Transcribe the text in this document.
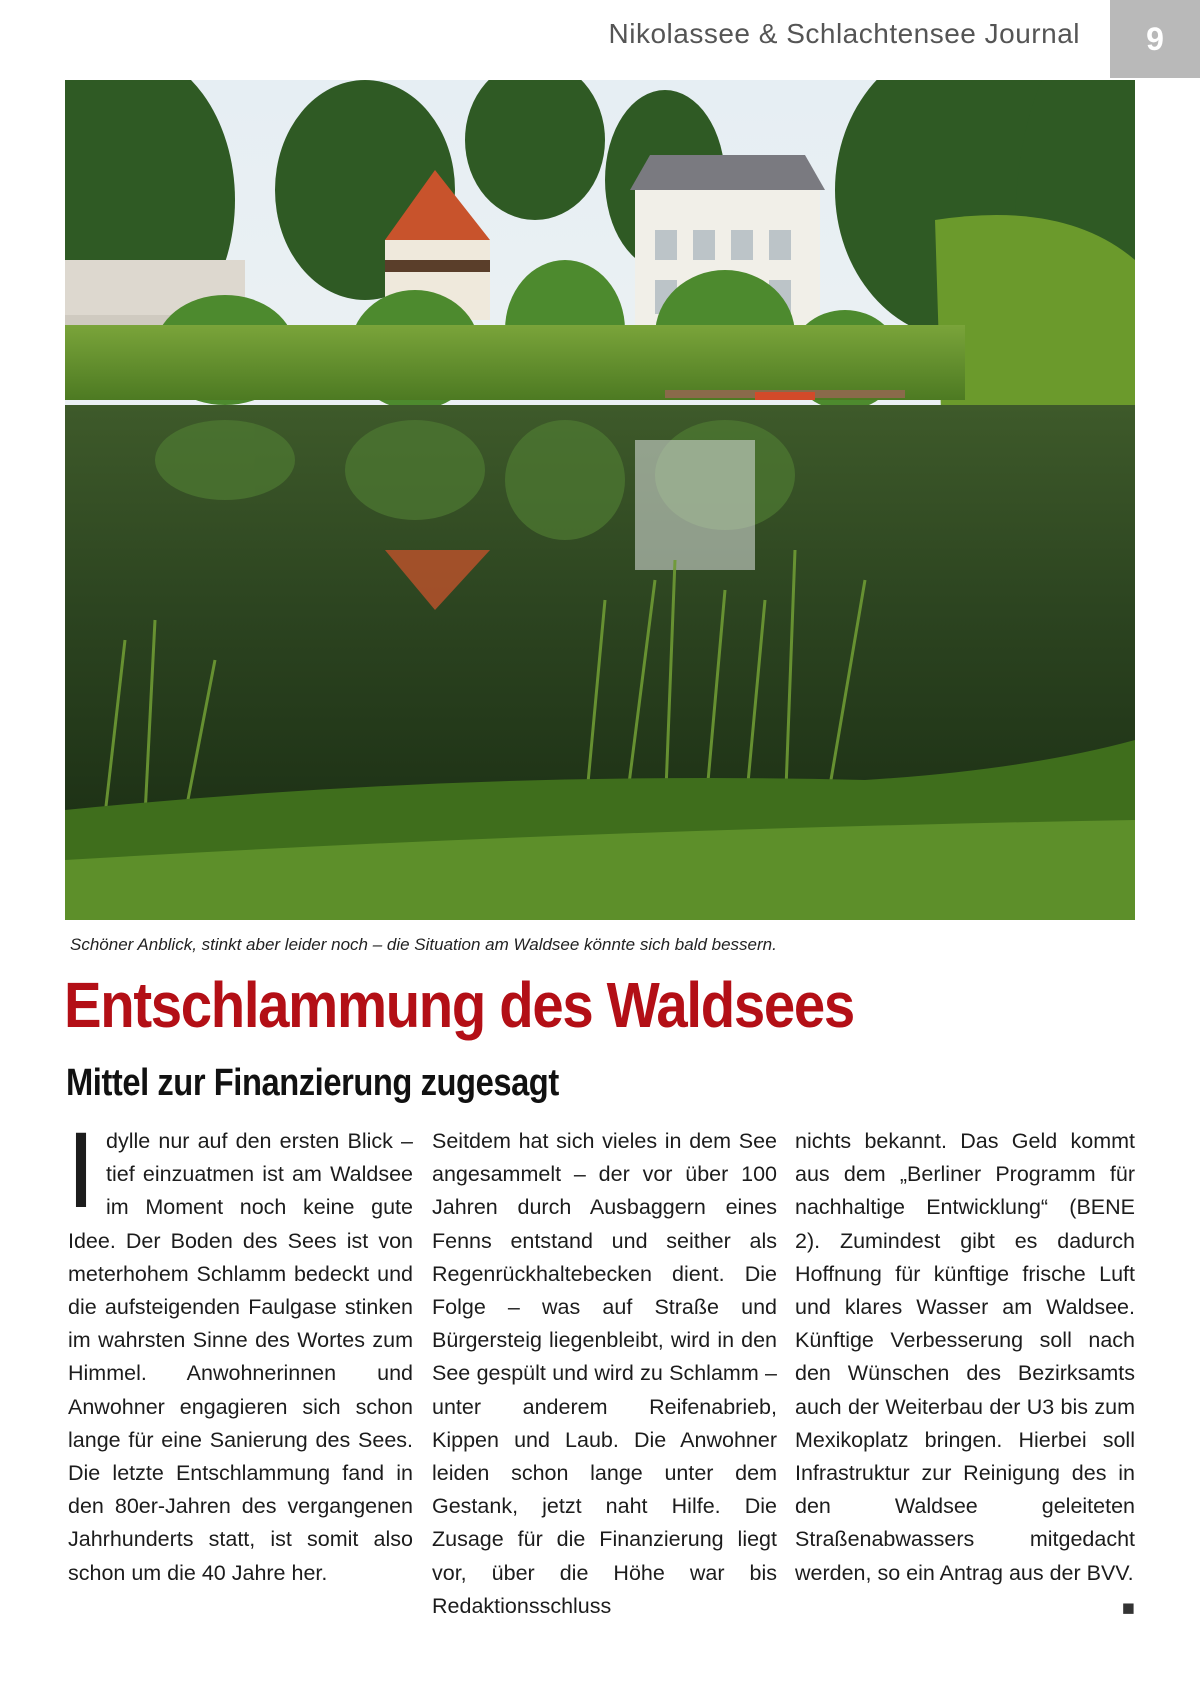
Nikolassee & Schlachtensee Journal	9
Schöner Anblick, stinkt aber leider noch – die Situation am Waldsee könnte sich bald bessern.
Entschlammung des Waldsees
Mittel zur Finanzierung zugesagt
I dylle nur auf den ersten Blick – tief einzuatmen ist am Waldsee im Moment noch keine gute Idee. Der Boden des Sees ist von meterhohem Schlamm bedeckt und die aufsteigenden Faulgase stinken im wahrsten Sinne des Wortes zum Himmel. Anwohnerinnen und Anwohner engagieren sich schon lange für eine Sanierung des Sees. Die letzte Entschlammung fand in den 80er-Jahren des vergangenen Jahrhunderts statt, ist somit also schon um die 40 Jahre her.
Seitdem hat sich vieles in dem See angesammelt – der vor über 100 Jahren durch Ausbaggern eines Fenns entstand und seither als Regenrückhaltebecken dient. Die Folge – was auf Straße und Bürgersteig liegenbleibt, wird in den See gespült und wird zu Schlamm – unter anderem Reifenabrieb, Kippen und Laub. Die Anwohner leiden schon lange unter dem Gestank, jetzt naht Hilfe. Die Zusage für die Finanzierung liegt vor, über die Höhe war bis Redaktionsschluss
nichts bekannt. Das Geld kommt aus dem „Berliner Programm für nachhaltige Entwicklung“ (BENE 2). Zumindest gibt es dadurch Hoffnung für künftige frische Luft und klares Wasser am Waldsee. Künftige Verbesserung soll nach den Wünschen des Bezirksamts auch der Weiterbau der U3 bis zum Mexikoplatz bringen. Hierbei soll Infrastruktur zur Reinigung des in den Waldsee geleiteten Straßenabwassers mitgedacht werden, so ein Antrag aus der BVV.
■
